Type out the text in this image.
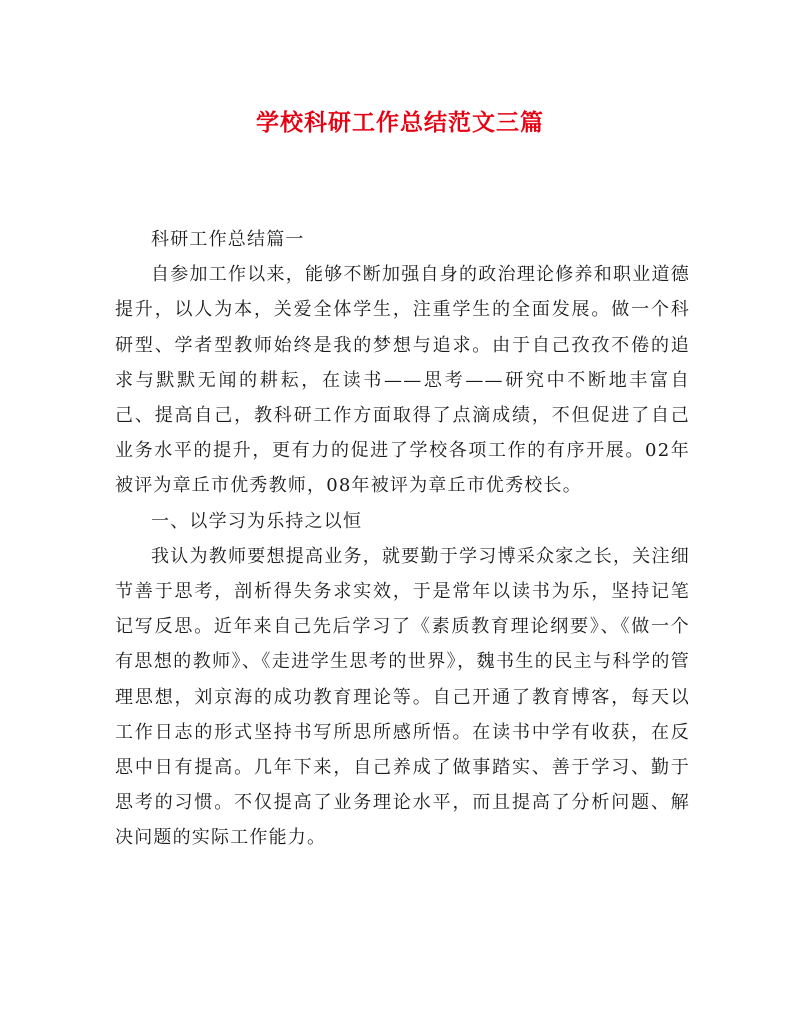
学校科研工作总结范文三篇

科研工作总结篇一

自参加工作以来，能够不断加强自身的政治理论修养和职业道德提升，以人为本，关爱全体学生，注重学生的全面发展。做一个科研型、学者型教师始终是我的梦想与追求。由于自己孜孜不倦的追求与默默无闻的耕耘，在读书——思考——研究中不断地丰富自己、提高自己，教科研工作方面取得了点滴成绩，不但促进了自己业务水平的提升，更有力的促进了学校各项工作的有序开展。02年被评为章丘市优秀教师，08年被评为章丘市优秀校长。

一、以学习为乐持之以恒

我认为教师要想提高业务，就要勤于学习博采众家之长，关注细节善于思考，剖析得失务求实效，于是常年以读书为乐，坚持记笔记写反思。近年来自己先后学习了《素质教育理论纲要》、《做一个有思想的教师》、《走进学生思考的世界》，魏书生的民主与科学的管理思想，刘京海的成功教育理论等。自己开通了教育博客，每天以工作日志的形式坚持书写所思所感所悟。在读书中学有收获，在反思中日有提高。几年下来，自己养成了做事踏实、善于学习、勤于思考的习惯。不仅提高了业务理论水平，而且提高了分析问题、解决问题的实际工作能力。
